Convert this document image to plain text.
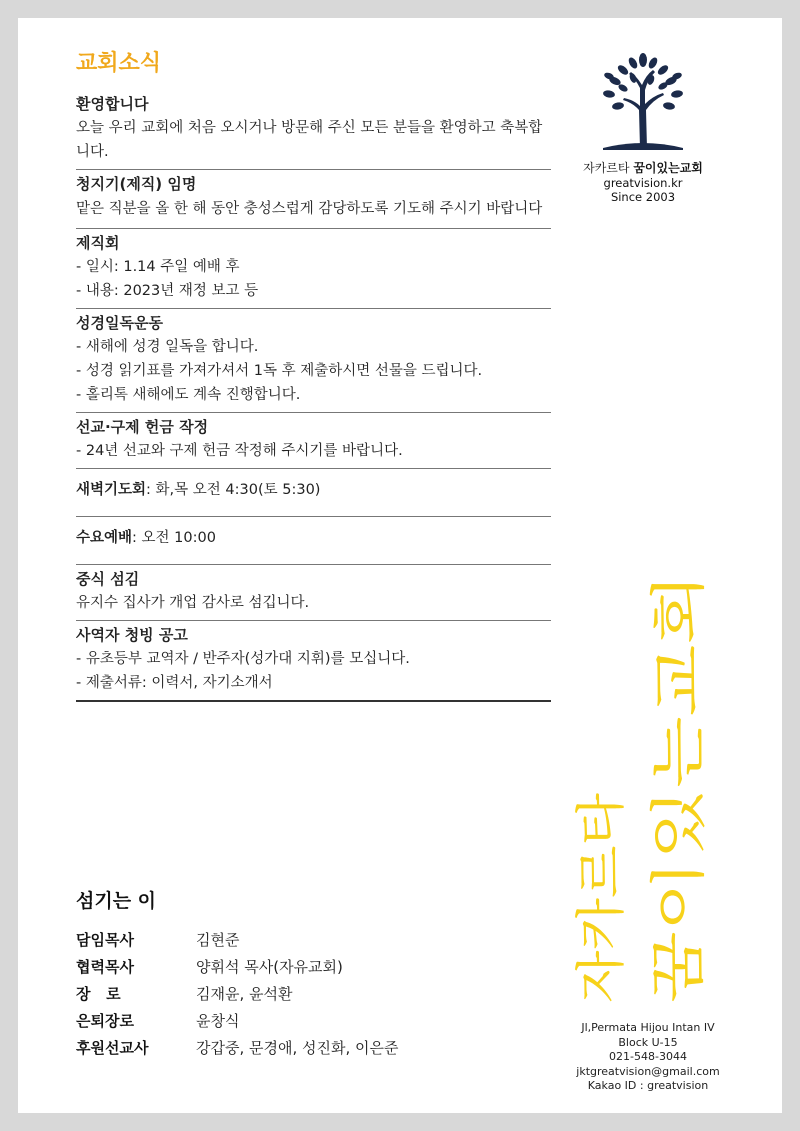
교회소식
환영합니다
오늘 우리 교회에 처음 오시거나 방문해 주신 모든 분들을 환영하고 축복합니다.
청지기(제직) 임명
맡은 직분을 올 한 해 동안 충성스럽게 감당하도록 기도해 주시기 바랍니다
제직회
- 일시: 1.14 주일 예배 후
- 내용: 2023년 재정 보고 등
성경일독운동
- 새해에 성경 일독을 합니다.
- 성경 읽기표를 가져가셔서 1독 후 제출하시면 선물을 드립니다.
- 홀리톡 새해에도 계속 진행합니다.
선교·구제 헌금 작정
- 24년 선교와 구제 헌금 작정해 주시기를 바랍니다.
새벽기도회: 화,목 오전 4:30(토 5:30)
수요예배: 오전 10:00
중식 섬김
유지수 집사가 개업 감사로 섬깁니다.
사역자 청빙 공고
- 유초등부 교역자 / 반주자(성가대 지휘)를 모십니다.
- 제출서류: 이력서, 자기소개서
자카르타 꿈이있는교회
greatvision.kr
Since 2003
자카르타 꿈이있는교회
섬기는 이
담임목사	김현준
협력목사	양휘석 목사(자유교회)
장   로	김재윤, 윤석환
은퇴장로	윤창식
후원선교사	강갑중, 문경애, 성진화, 이은준
Jl,Permata Hijou Intan IV
Block U-15
021-548-3044
jktgreatvision@gmail.com
Kakao ID : greatvision
